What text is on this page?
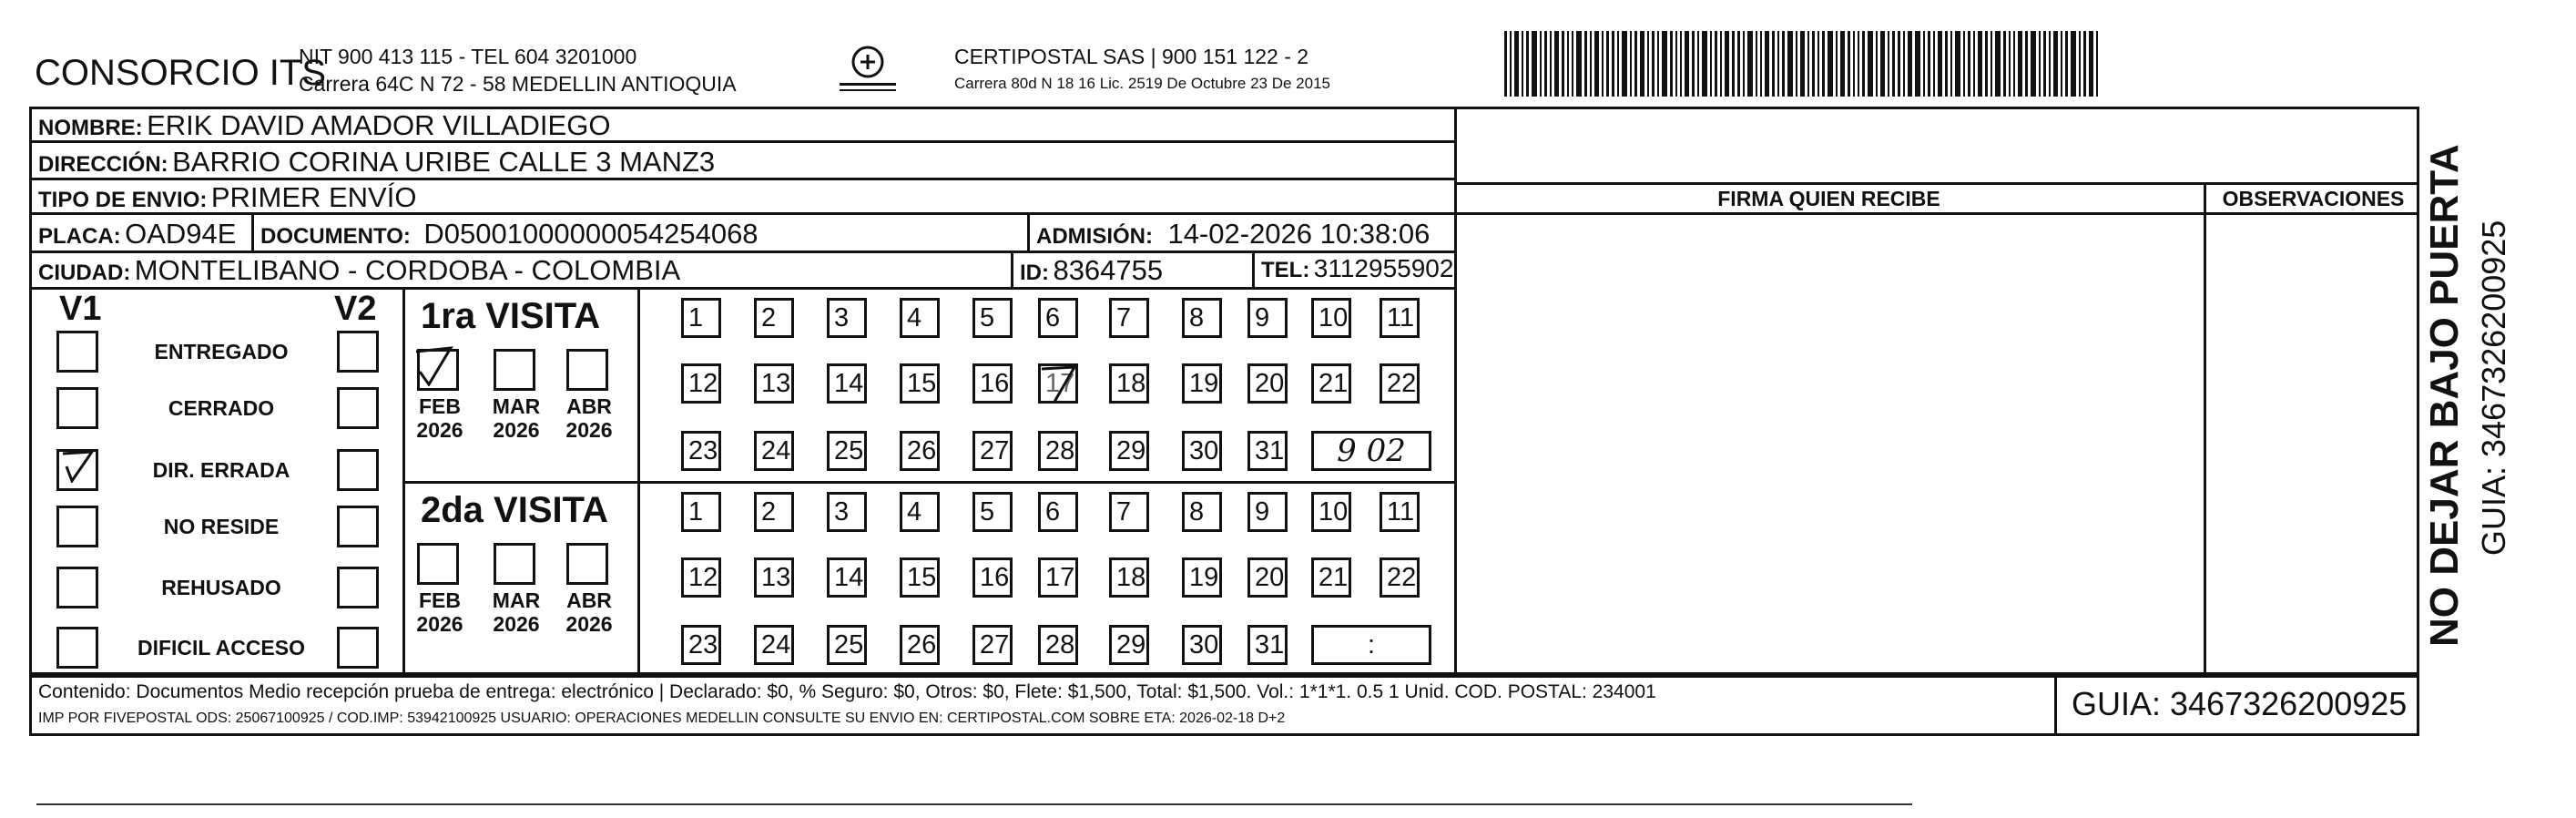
CONSORCIO ITS
NIT 900 413 115 - TEL 604 3201000
Carrera 64C N 72 - 58 MEDELLIN ANTIOQUIA
CERTIPOSTAL SAS | 900 151 122 - 2
Carrera 80d N 18 16 Lic. 2519 De Octubre 23 De 2015
NOMBRE: ERIK DAVID AMADOR VILLADIEGO
DIRECCIÓN: BARRIO CORINA URIBE CALLE 3 MANZ3
TIPO DE ENVIO: PRIMER ENVÍO
PLACA: OAD94E DOCUMENTO: D05001000000054254068	ADMISIÓN: 14-02-2026 10:38:06
CIUDAD: MONTELIBANO - CORDOBA - COLOMBIA	ID: 8364755	TEL: 3112955902
FIRMA QUIEN RECIBE	OBSERVACIONES
V1	V2
ENTREGADO
CERRADO
DIR. ERRADA
NO RESIDE
REHUSADO
DIFICIL ACCESO
1ra VISITA
2da VISITA
FEB
2026
MAR
2026
ABR
2026
1	2	3	4	5	6	7	8	9	10 11
12 13 14 15 16 17 18 19 20 21 22
23 24 25 26 27 28 29 30 31	9 02
FEB
2026
MAR
2026
ABR
2026
1	2	3	4	5	6	7	8	9	10 11
12 13 14 15 16 17 18 19 20 21 22
23 24 25 26 27 28 29 30 31	:
Contenido: Documentos Medio recepción prueba de entrega: electrónico | Declarado: $0, % Seguro: $0, Otros: $0, Flete: $1,500, Total: $1,500. Vol.: 1*1*1. 0.5 1 Unid. COD. POSTAL: 234001
IMP POR FIVEPOSTAL ODS: 25067100925 / COD.IMP: 53942100925 USUARIO: OPERACIONES MEDELLIN CONSULTE SU ENVIO EN: CERTIPOSTAL.COM SOBRE ETA: 2026-02-18 D+2	GUIA: 3467326200925
NO DEJAR BAJO PUERTA GUIA: 3467326200925
